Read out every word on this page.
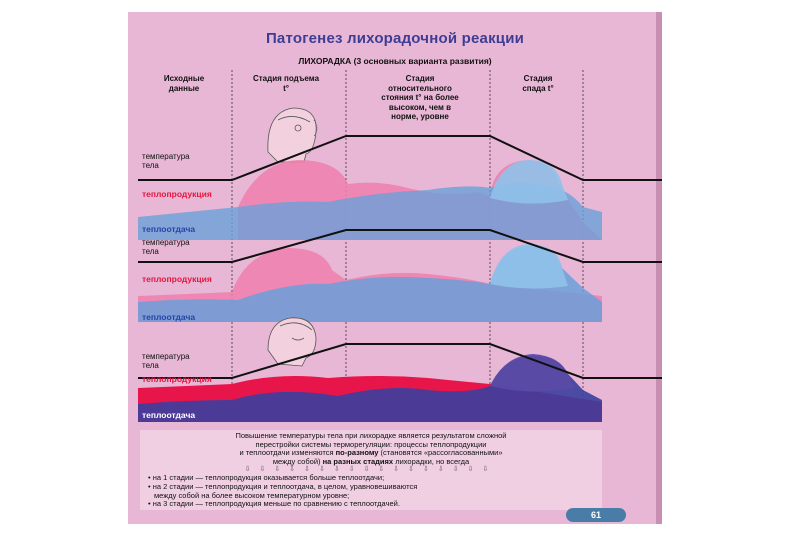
Патогенез лихорадочной реакции
ЛИХОРАДКА (3 основных варианта развития)
Исходные
данные
Стадия подъема
t°
Стадия
относительного
стояния t° на более
высоком, чем в
норме, уровне
Стадия
спада t°
температура
тела
теплопродукция
теплоотдача
температура
тела
теплопродукция
теплоотдача
температура
тела
теплопродукция
теплоотдача
Повышение температуры тела при лихорадке является результатом сложной
перестройки системы терморегуляции: процессы теплопродукции
и теплоотдачи изменяются по-разному (становятся «рассогласованными»
между собой) на разных стадиях лихорадки, но всегда
⇩⇩⇩⇩⇩⇩⇩⇩⇩⇩⇩⇩⇩⇩⇩⇩⇩
• на 1 стадии — теплопродукция оказывается больше теплоотдачи;
• на 2 стадии — теплопродукция и теплоотдача, в целом, уравновешиваются
между собой на более высоком температурном уровне;
• на 3 стадии — теплопродукция меньше по сравнению с теплоотдачей.
61
